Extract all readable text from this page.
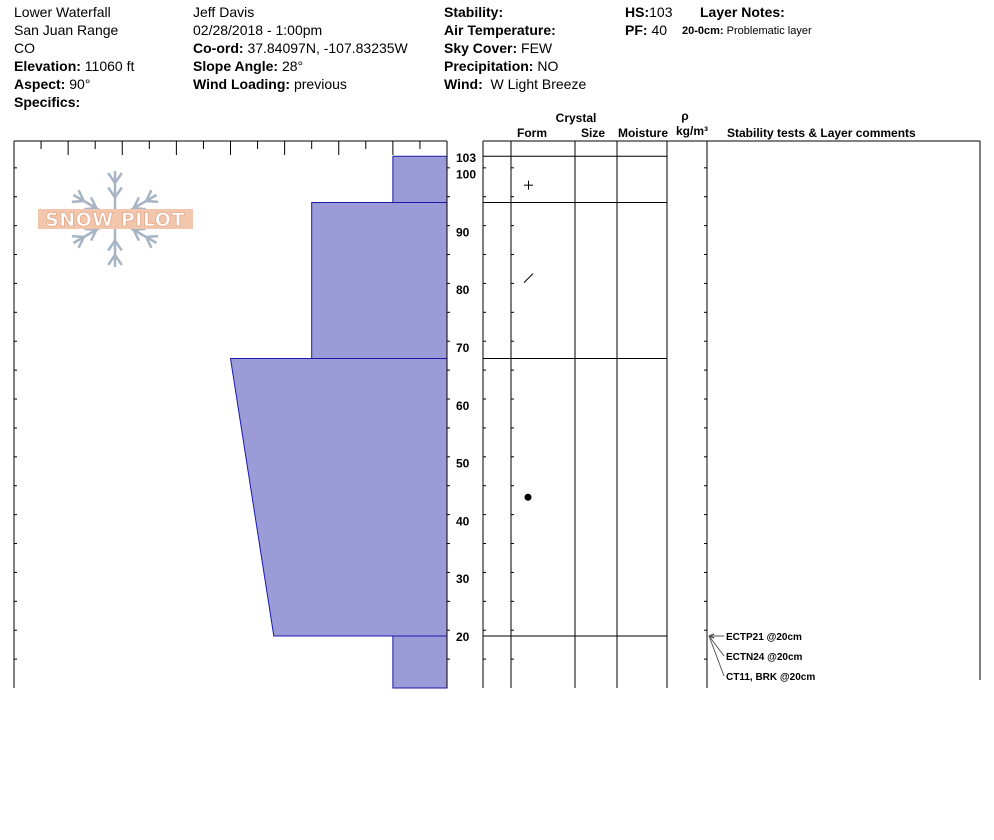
Lower Waterfall
San Juan Range
CO
Elevation: 11060 ft
Aspect: 90°
Specifics:
Jeff Davis
02/28/2018 - 1:00pm
Co-ord: 37.84097N, -107.83235W
Slope Angle: 28°
Wind Loading: previous
Stability:
Air Temperature:
Sky Cover: FEW
Precipitation: NO
Wind: W Light Breeze
HS:103
PF: 40
Layer Notes:
20-0cm: Problematic layer
SNOW PILOT
20
30
40
50
60
70
80
90
100
103
Crystal
Form	Size Moisture
ρ
kg/m³ Stability tests & Layer comments
ECTP21 @20cm
ECTN24 @20cm
CT11, BRK @20cm
